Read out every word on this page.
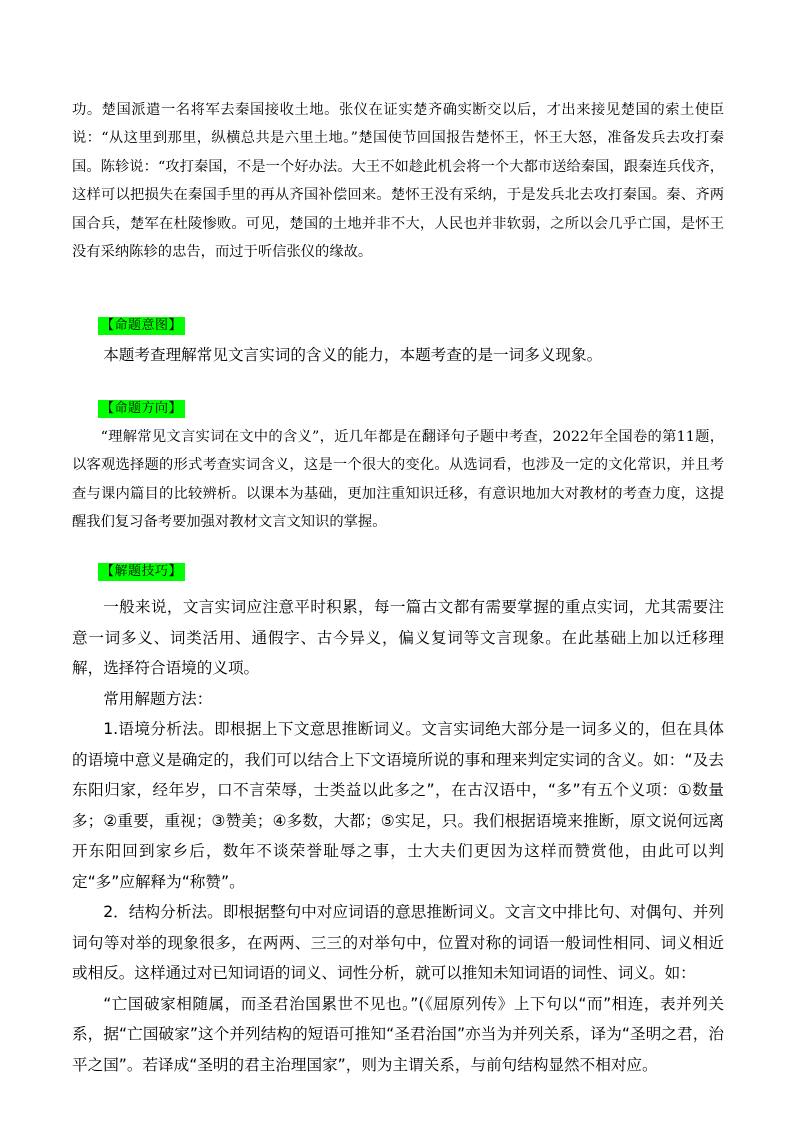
功。楚国派遣一名将军去秦国接收土地。张仪在证实楚齐确实断交以后，才出来接见楚国的索土使臣说：“从这里到那里，纵横总共是六里土地。”楚国使节回国报告楚怀王，怀王大怒，准备发兵去攻打秦国。陈轸说：“攻打秦国，不是一个好办法。大王不如趁此机会将一个大都市送给秦国，跟秦连兵伐齐，这样可以把损失在秦国手里的再从齐国补偿回来。楚怀王没有采纳，于是发兵北去攻打秦国。秦、齐两国合兵，楚军在杜陵惨败。可见，楚国的土地并非不大，人民也并非软弱，之所以会几乎亡国，是怀王没有采纳陈轸的忠告，而过于听信张仪的缘故。

【命题意图】

本题考查理解常见文言实词的含义的能力，本题考查的是一词多义现象。

【命题方向】

“理解常见文言实词在文中的含义”，近几年都是在翻译句子题中考查，2022年全国卷的第11题，以客观选择题的形式考查实词含义，这是一个很大的变化。从选词看，也涉及一定的文化常识，并且考查与课内篇目的比较辨析。以课本为基础，更加注重知识迁移，有意识地加大对教材的考查力度，这提醒我们复习备考要加强对教材文言文知识的掌握。

【解题技巧】

一般来说，文言实词应注意平时积累，每一篇古文都有需要掌握的重点实词，尤其需要注意一词多义、词类活用、通假字、古今异义，偏义复词等文言现象。在此基础上加以迁移理解，选择符合语境的义项。

常用解题方法：

1.语境分析法。即根据上下文意思推断词义。文言实词绝大部分是一词多义的，但在具体的语境中意义是确定的，我们可以结合上下文语境所说的事和理来判定实词的含义。如：“及去东阳归家，经年岁，口不言荣辱，士类益以此多之”，在古汉语中，“多”有五个义项：①数量多；②重要，重视；③赞美；④多数，大都；⑤实足，只。我们根据语境来推断，原文说何远离开东阳回到家乡后，数年不谈荣誉耻辱之事，士大夫们更因为这样而赞赏他，由此可以判定“多”应解释为“称赞”。

2．结构分析法。即根据整句中对应词语的意思推断词义。文言文中排比句、对偶句、并列词句等对举的现象很多，在两两、三三的对举句中，位置对称的词语一般词性相同、词义相近或相反。这样通过对已知词语的词义、词性分析，就可以推知未知词语的词性、词义。如：

“亡国破家相随属，而圣君治国累世不见也。”(《屈原列传》上下句以“而”相连，表并列关系，据“亡国破家”这个并列结构的短语可推知“圣君治国”亦当为并列关系，译为“圣明之君，治平之国”。若译成“圣明的君主治理国家”，则为主谓关系，与前句结构显然不相对应。
